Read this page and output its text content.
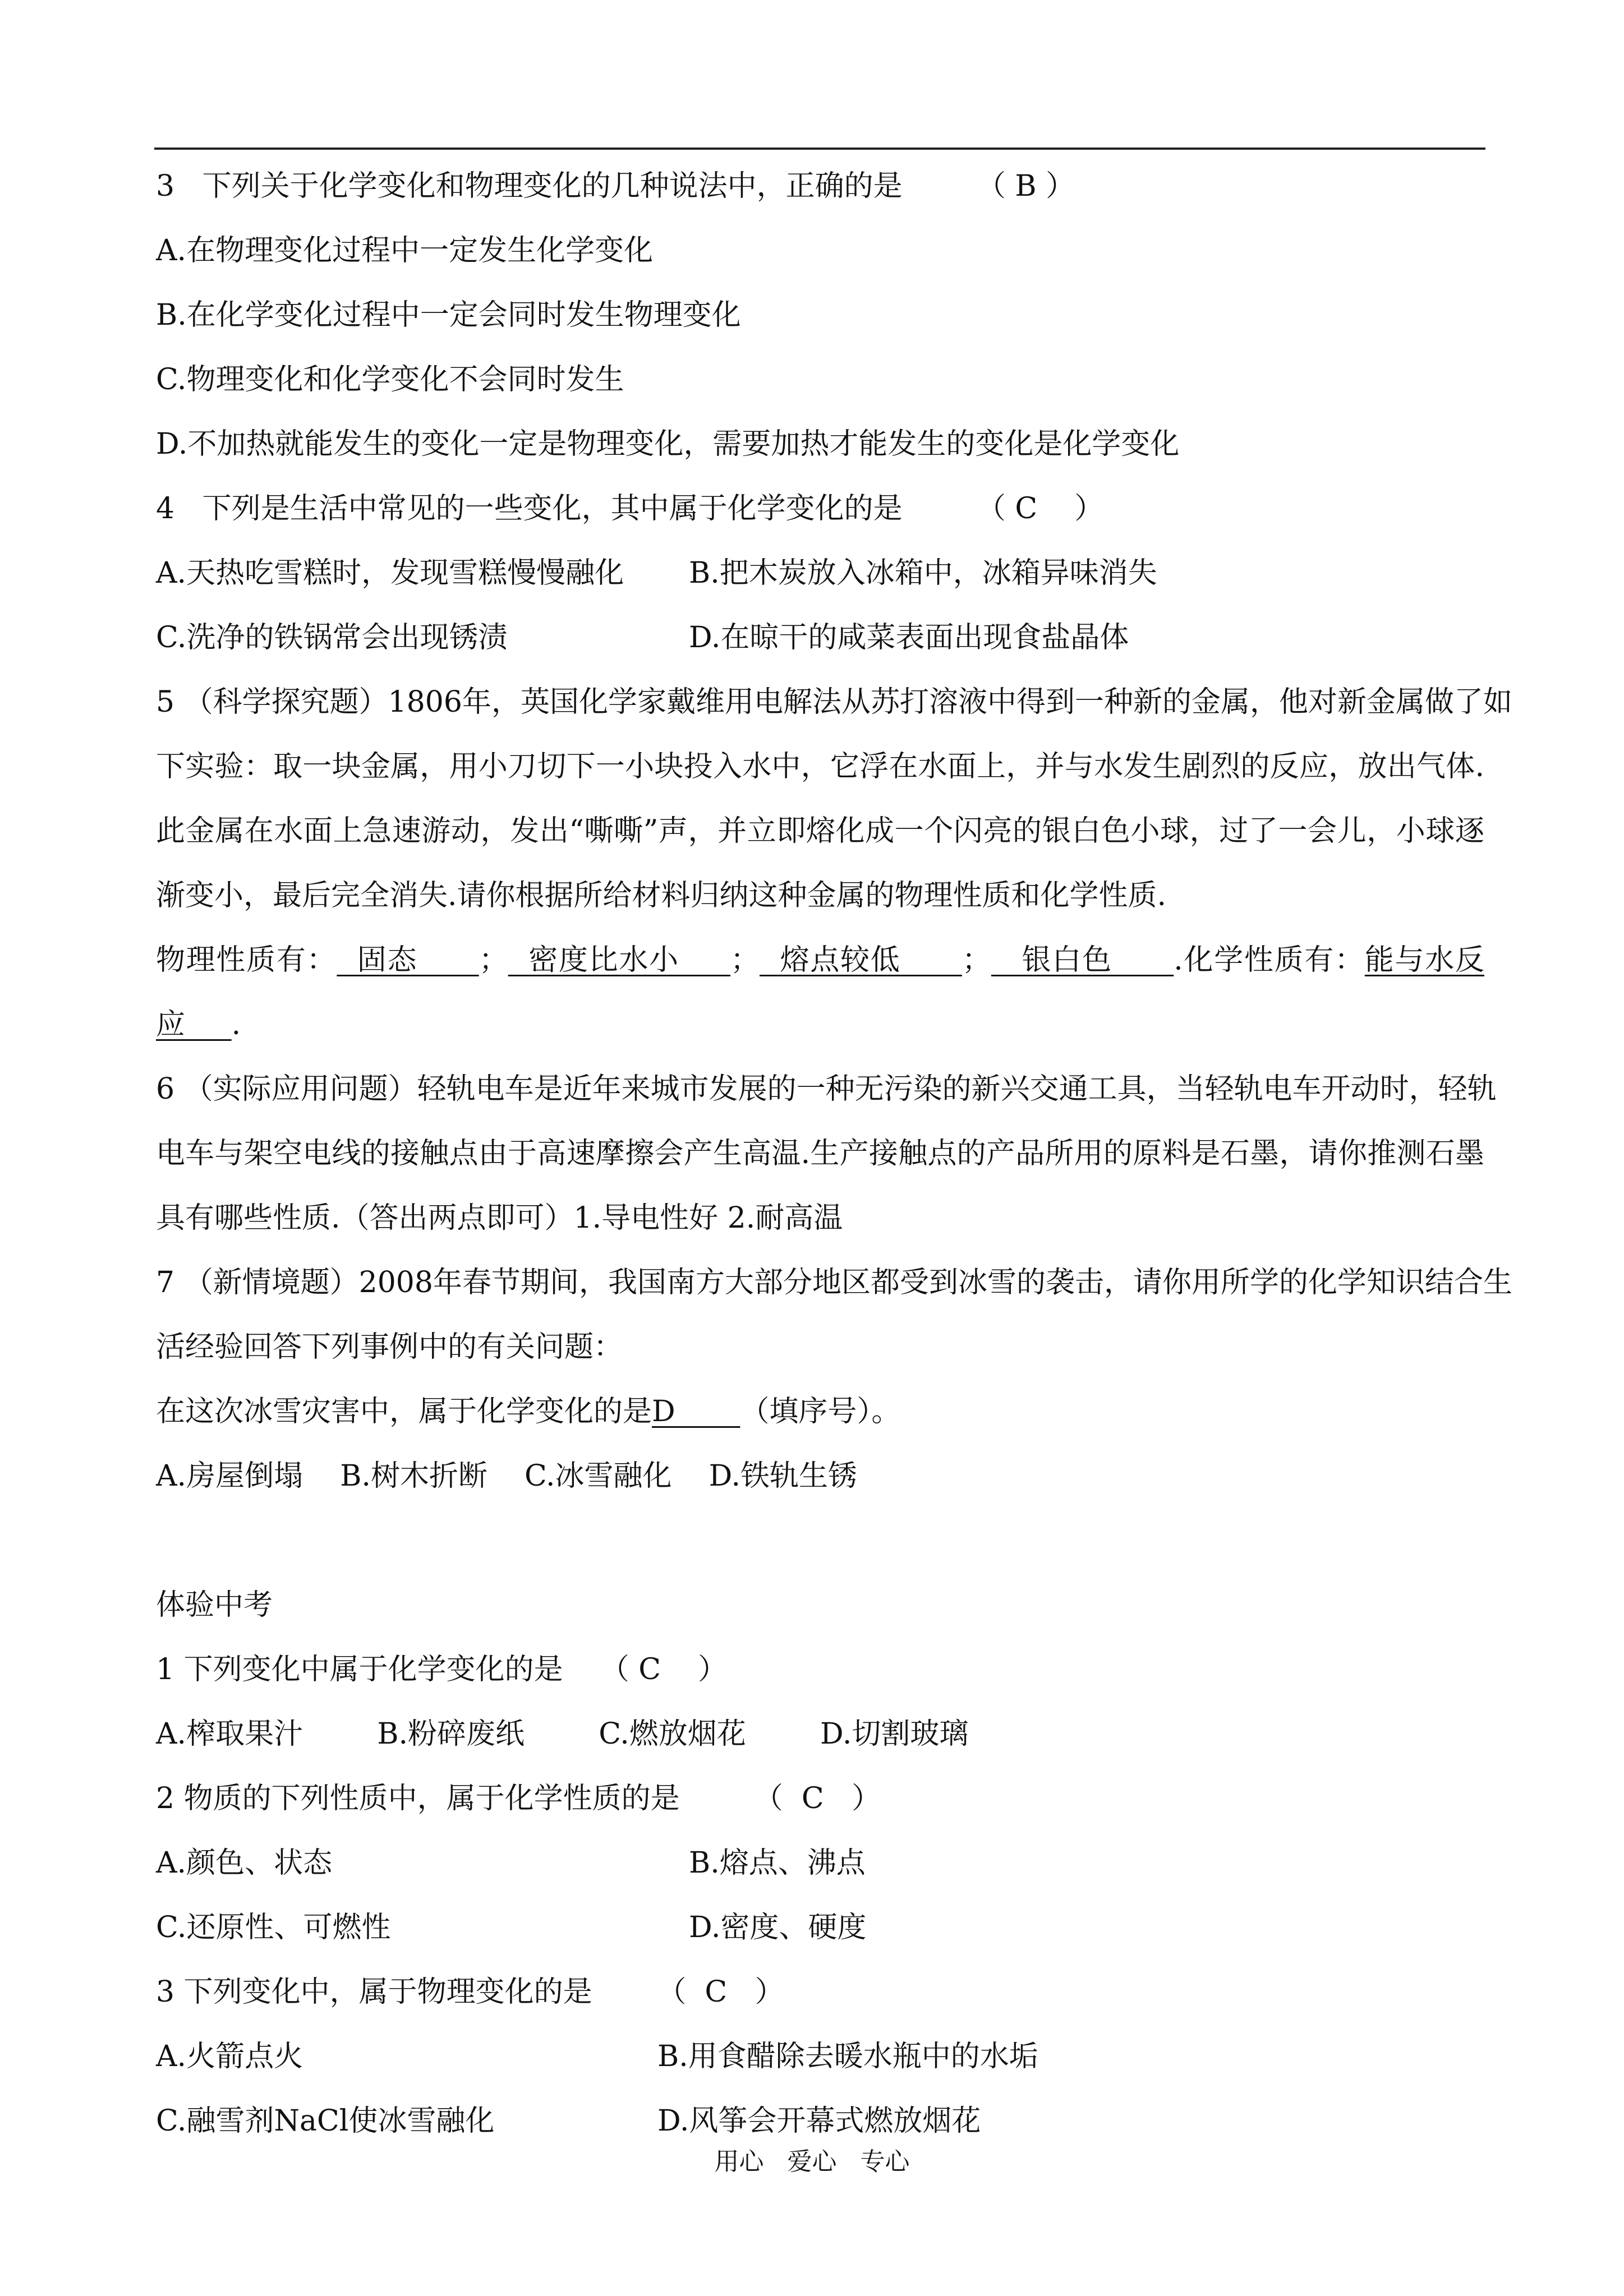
3   下列关于化学变化和物理变化的几种说法中，正确的是        （ B ）
A.在物理变化过程中一定发生化学变化
B.在化学变化过程中一定会同时发生物理变化
C.物理变化和化学变化不会同时发生
D.不加热就能发生的变化一定是物理变化，需要加热才能发生的变化是化学变化
4   下列是生活中常见的一些变化，其中属于化学变化的是        （ C    ）
A.天热吃雪糕时，发现雪糕慢慢融化 B.把木炭放入冰箱中，冰箱异味消失
C.洗净的铁锅常会出现锈渍	D.在晾干的咸菜表面出现食盐晶体
5 （科学探究题）1806年，英国化学家戴维用电解法从苏打溶液中得到一种新的金属，他对新金属做了如
下实验：取一块金属，用小刀切下一小块投入水中，它浮在水面上，并与水发生剧烈的反应，放出气体.
此金属在水面上急速游动，发出“嘶嘶”声，并立即熔化成一个闪亮的银白色小球，过了一会儿，小球逐
渐变小，最后完全消失.请你根据所给材料归纳这种金属的物理性质和化学性质.
物理性质有：  固态      ；  密度比水小     ；  熔点较低      ；   银白色      .化学性质有：能与水反
应     .
6 （实际应用问题）轻轨电车是近年来城市发展的一种无污染的新兴交通工具，当轻轨电车开动时，轻轨
电车与架空电线的接触点由于高速摩擦会产生高温.生产接触点的产品所用的原料是石墨，请你推测石墨
具有哪些性质.（答出两点即可）1.导电性好 2.耐高温
7 （新情境题）2008年春节期间，我国南方大部分地区都受到冰雪的袭击，请你用所学的化学知识结合生
活经验回答下列事例中的有关问题：
在这次冰雪灾害中，属于化学变化的是D       （填序号）。
A.房屋倒塌    B.树木折断    C.冰雪融化    D.铁轨生锈
体验中考
1 下列变化中属于化学变化的是    （ C    ）
A.榨取果汁        B.粉碎废纸        C.燃放烟花        D.切割玻璃
2 物质的下列性质中，属于化学性质的是        （  C   ）
A.颜色、状态	B.熔点、沸点
C.还原性、可燃性	D.密度、硬度
3 下列变化中，属于物理变化的是       （  C   ）
A.火箭点火	B.用食醋除去暖水瓶中的水垢
C.融雪剂NaCl使冰雪融化	D.风筝会开幕式燃放烟花
用心   爱心   专心
